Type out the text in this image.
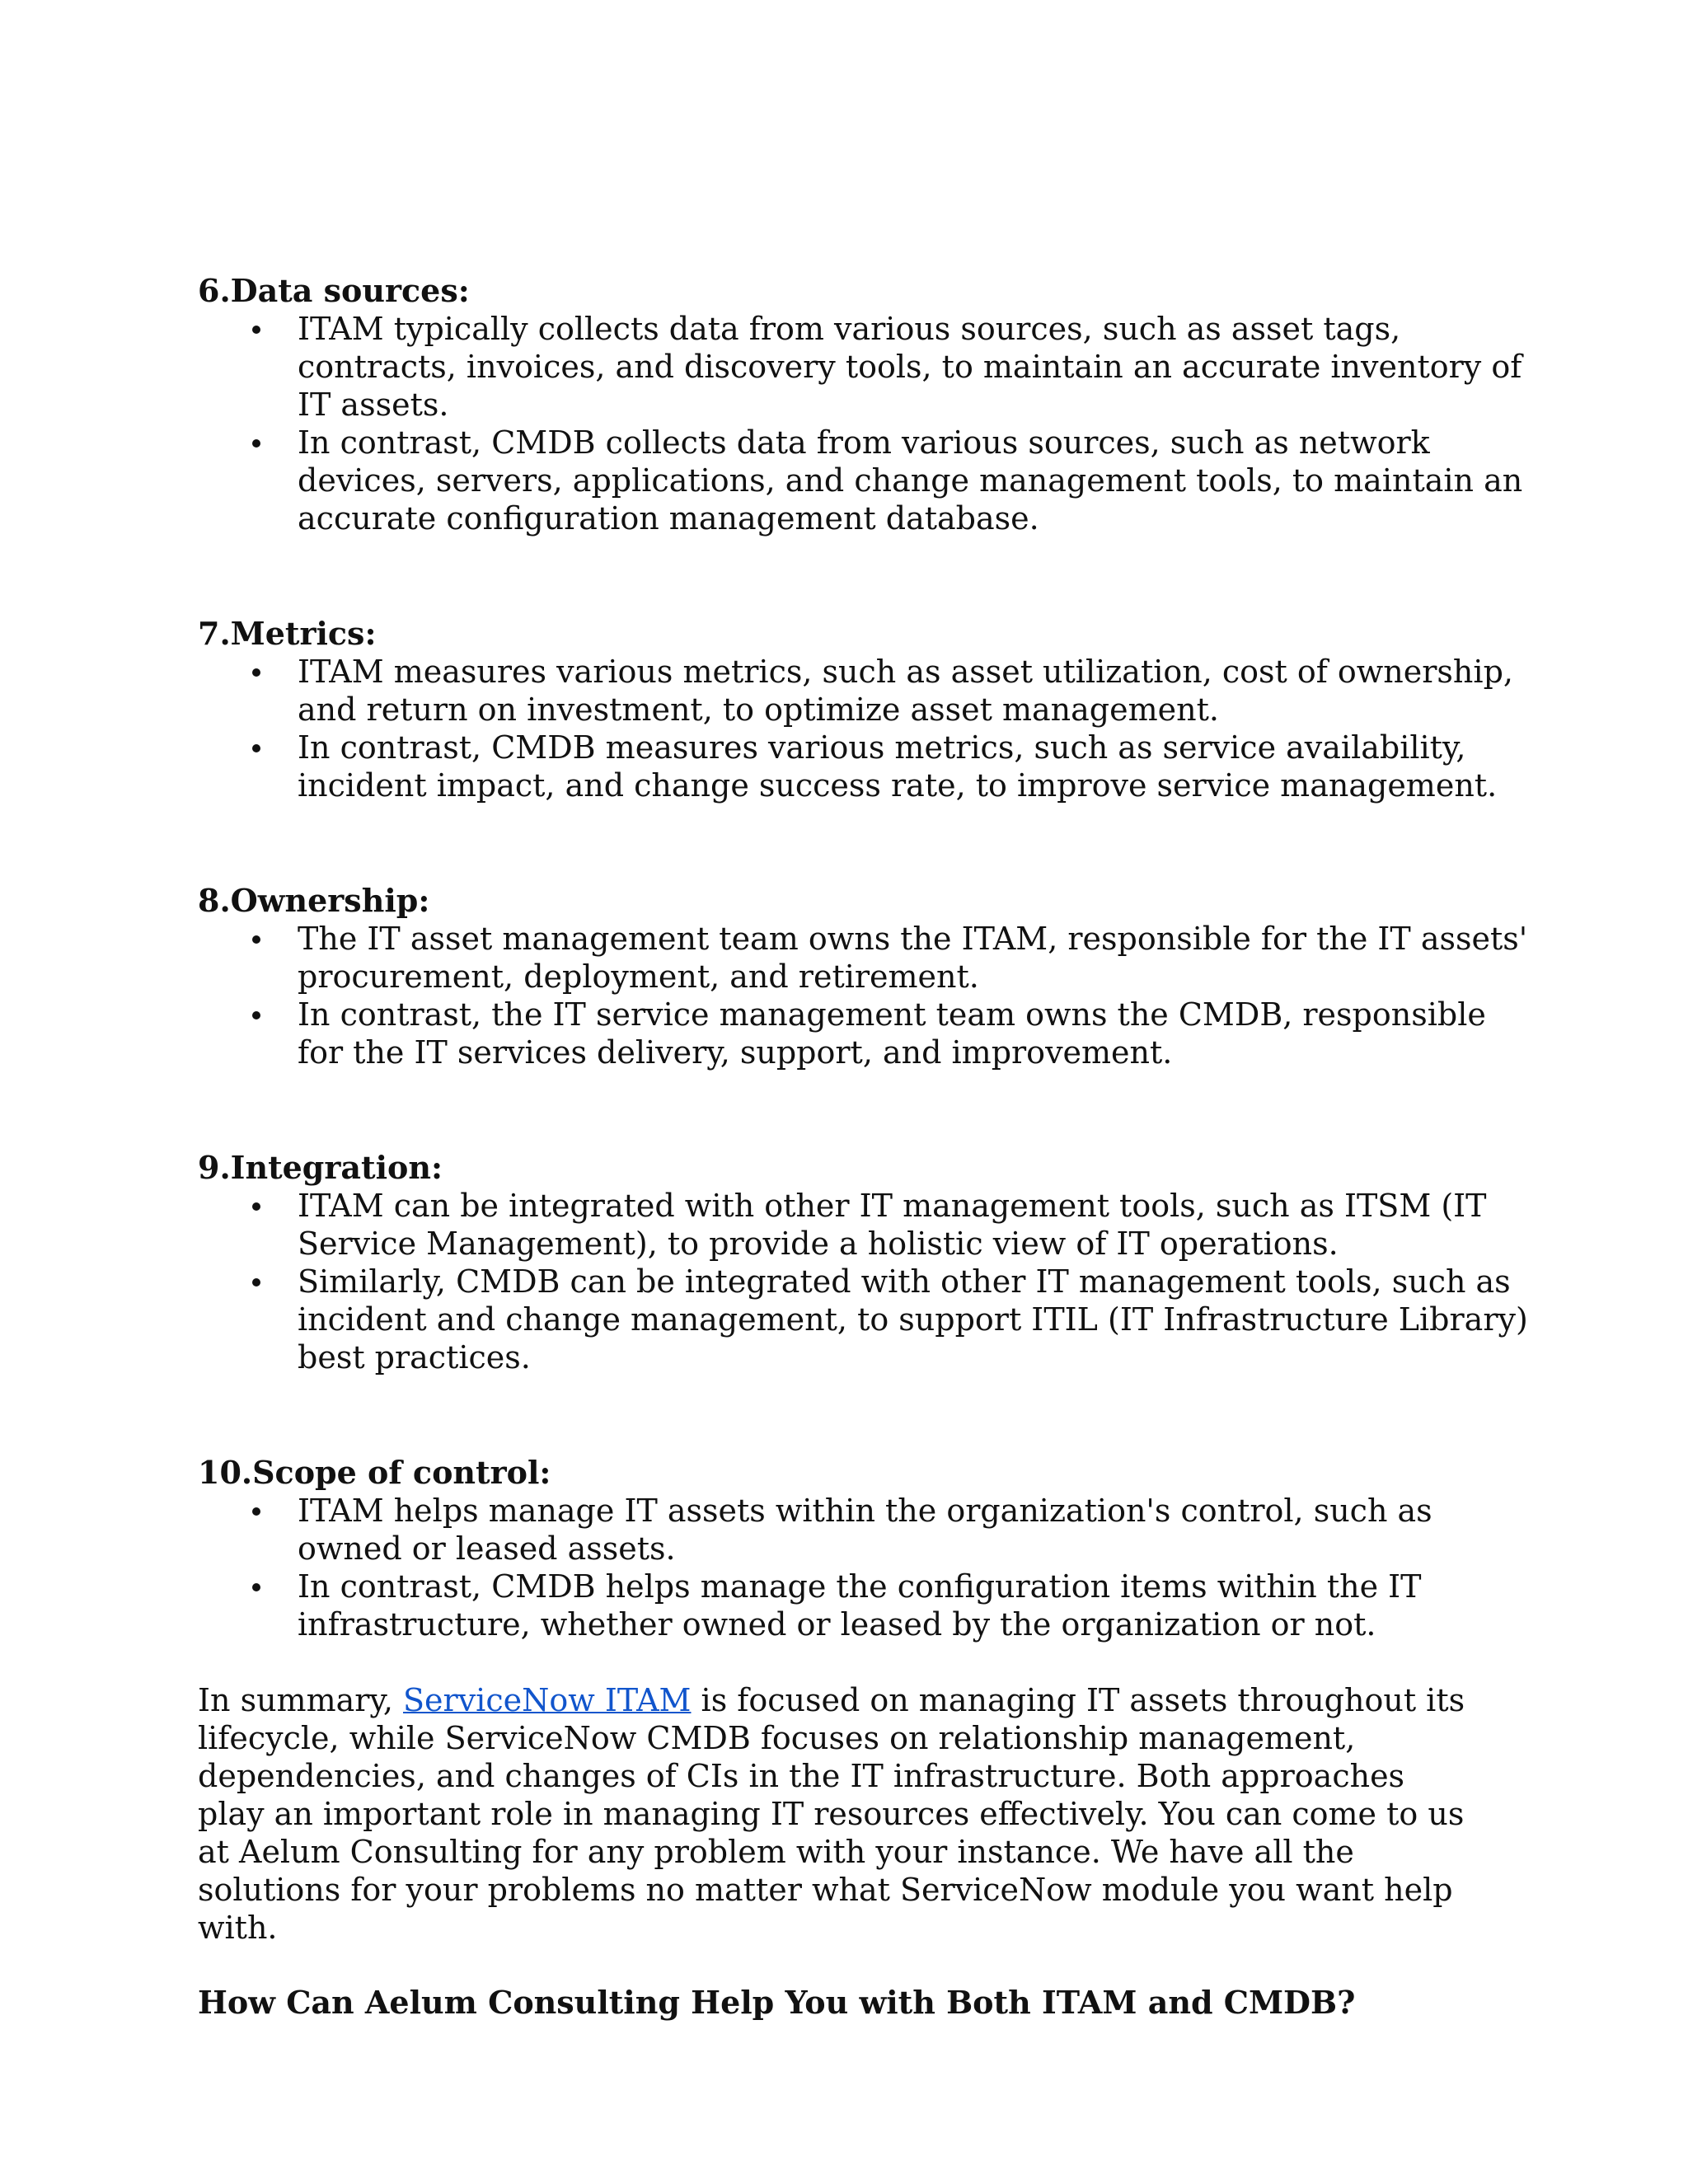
6.Data sources:

ITAM typically collects data from various sources, such as asset tags, contracts, invoices, and discovery tools, to maintain an accurate inventory of IT assets.
In contrast, CMDB collects data from various sources, such as network devices, servers, applications, and change management tools, to maintain an accurate configuration management database.

7.Metrics:

ITAM measures various metrics, such as asset utilization, cost of ownership, and return on investment, to optimize asset management.
In contrast, CMDB measures various metrics, such as service availability, incident impact, and change success rate, to improve service management.

8.Ownership:

The IT asset management team owns the ITAM, responsible for the IT assets' procurement, deployment, and retirement.
In contrast, the IT service management team owns the CMDB, responsible for the IT services delivery, support, and improvement.

9.Integration:

ITAM can be integrated with other IT management tools, such as ITSM (IT Service Management), to provide a holistic view of IT operations.
Similarly, CMDB can be integrated with other IT management tools, such as incident and change management, to support ITIL (IT Infrastructure Library) best practices.

10.Scope of control:

ITAM helps manage IT assets within the organization's control, such as owned or leased assets.
In contrast, CMDB helps manage the configuration items within the IT infrastructure, whether owned or leased by the organization or not.

In summary, ServiceNow ITAM is focused on managing IT assets throughout its lifecycle, while ServiceNow CMDB focuses on relationship management, dependencies, and changes of CIs in the IT infrastructure. Both approaches play an important role in managing IT resources effectively. You can come to us at Aelum Consulting for any problem with your instance. We have all the solutions for your problems no matter what ServiceNow module you want help with.

How Can Aelum Consulting Help You with Both ITAM and CMDB?
